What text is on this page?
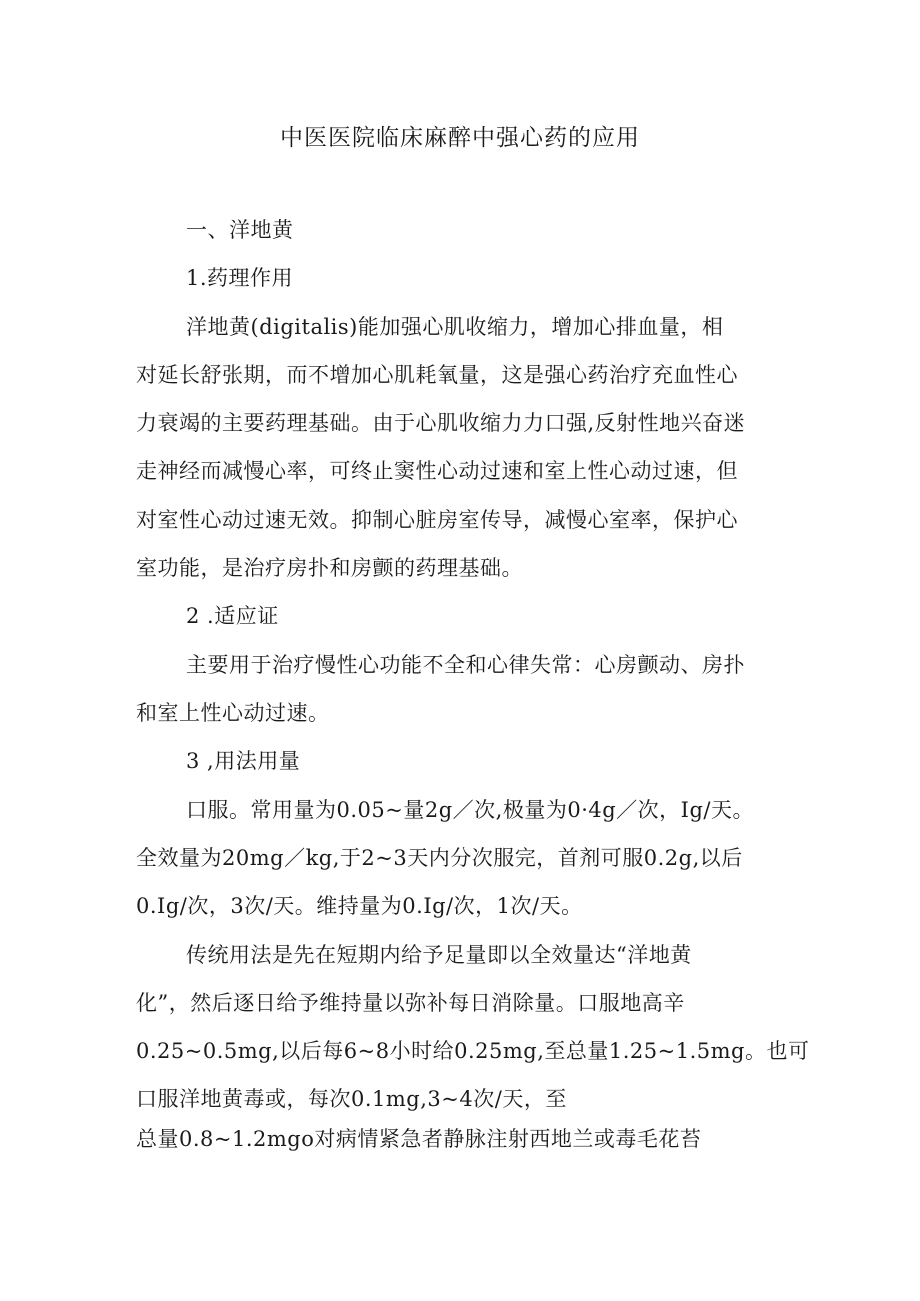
中医医院临床麻醉中强心药的应用
一、洋地黄
1.药理作用
洋地黄(digitalis)能加强心肌收缩力，增加心排血量，相
对延长舒张期，而不增加心肌耗氧量，这是强心药治疗充血性心
力衰竭的主要药理基础。由于心肌收缩力力口强,反射性地兴奋迷
走神经而减慢心率，可终止窦性心动过速和室上性心动过速，但
对室性心动过速无效。抑制心脏房室传导，减慢心室率，保护心
室功能，是治疗房扑和房颤的药理基础。
2 .适应证
主要用于治疗慢性心功能不全和心律失常：心房颤动、房扑
和室上性心动过速。
3 ,用法用量
口服。常用量为0.05~量2g／次,极量为0·4g／次，Ig/天。
全效量为20mg／kg,于2~3天内分次服完，首剂可服0.2g,以后
0.Ig/次，3次/天。维持量为0.Ig/次，1次/天。
传统用法是先在短期内给予足量即以全效量达“洋地黄
化”，然后逐日给予维持量以弥补每日消除量。口服地高辛
0.25~0.5mg,以后每6~8小时给0.25mg,至总量1.25~1.5mg。也可
口服洋地黄毒或，每次0.1mg,3~4次/天，至
总量0.8~1.2mgo对病情紧急者静脉注射西地兰或毒毛花苔
